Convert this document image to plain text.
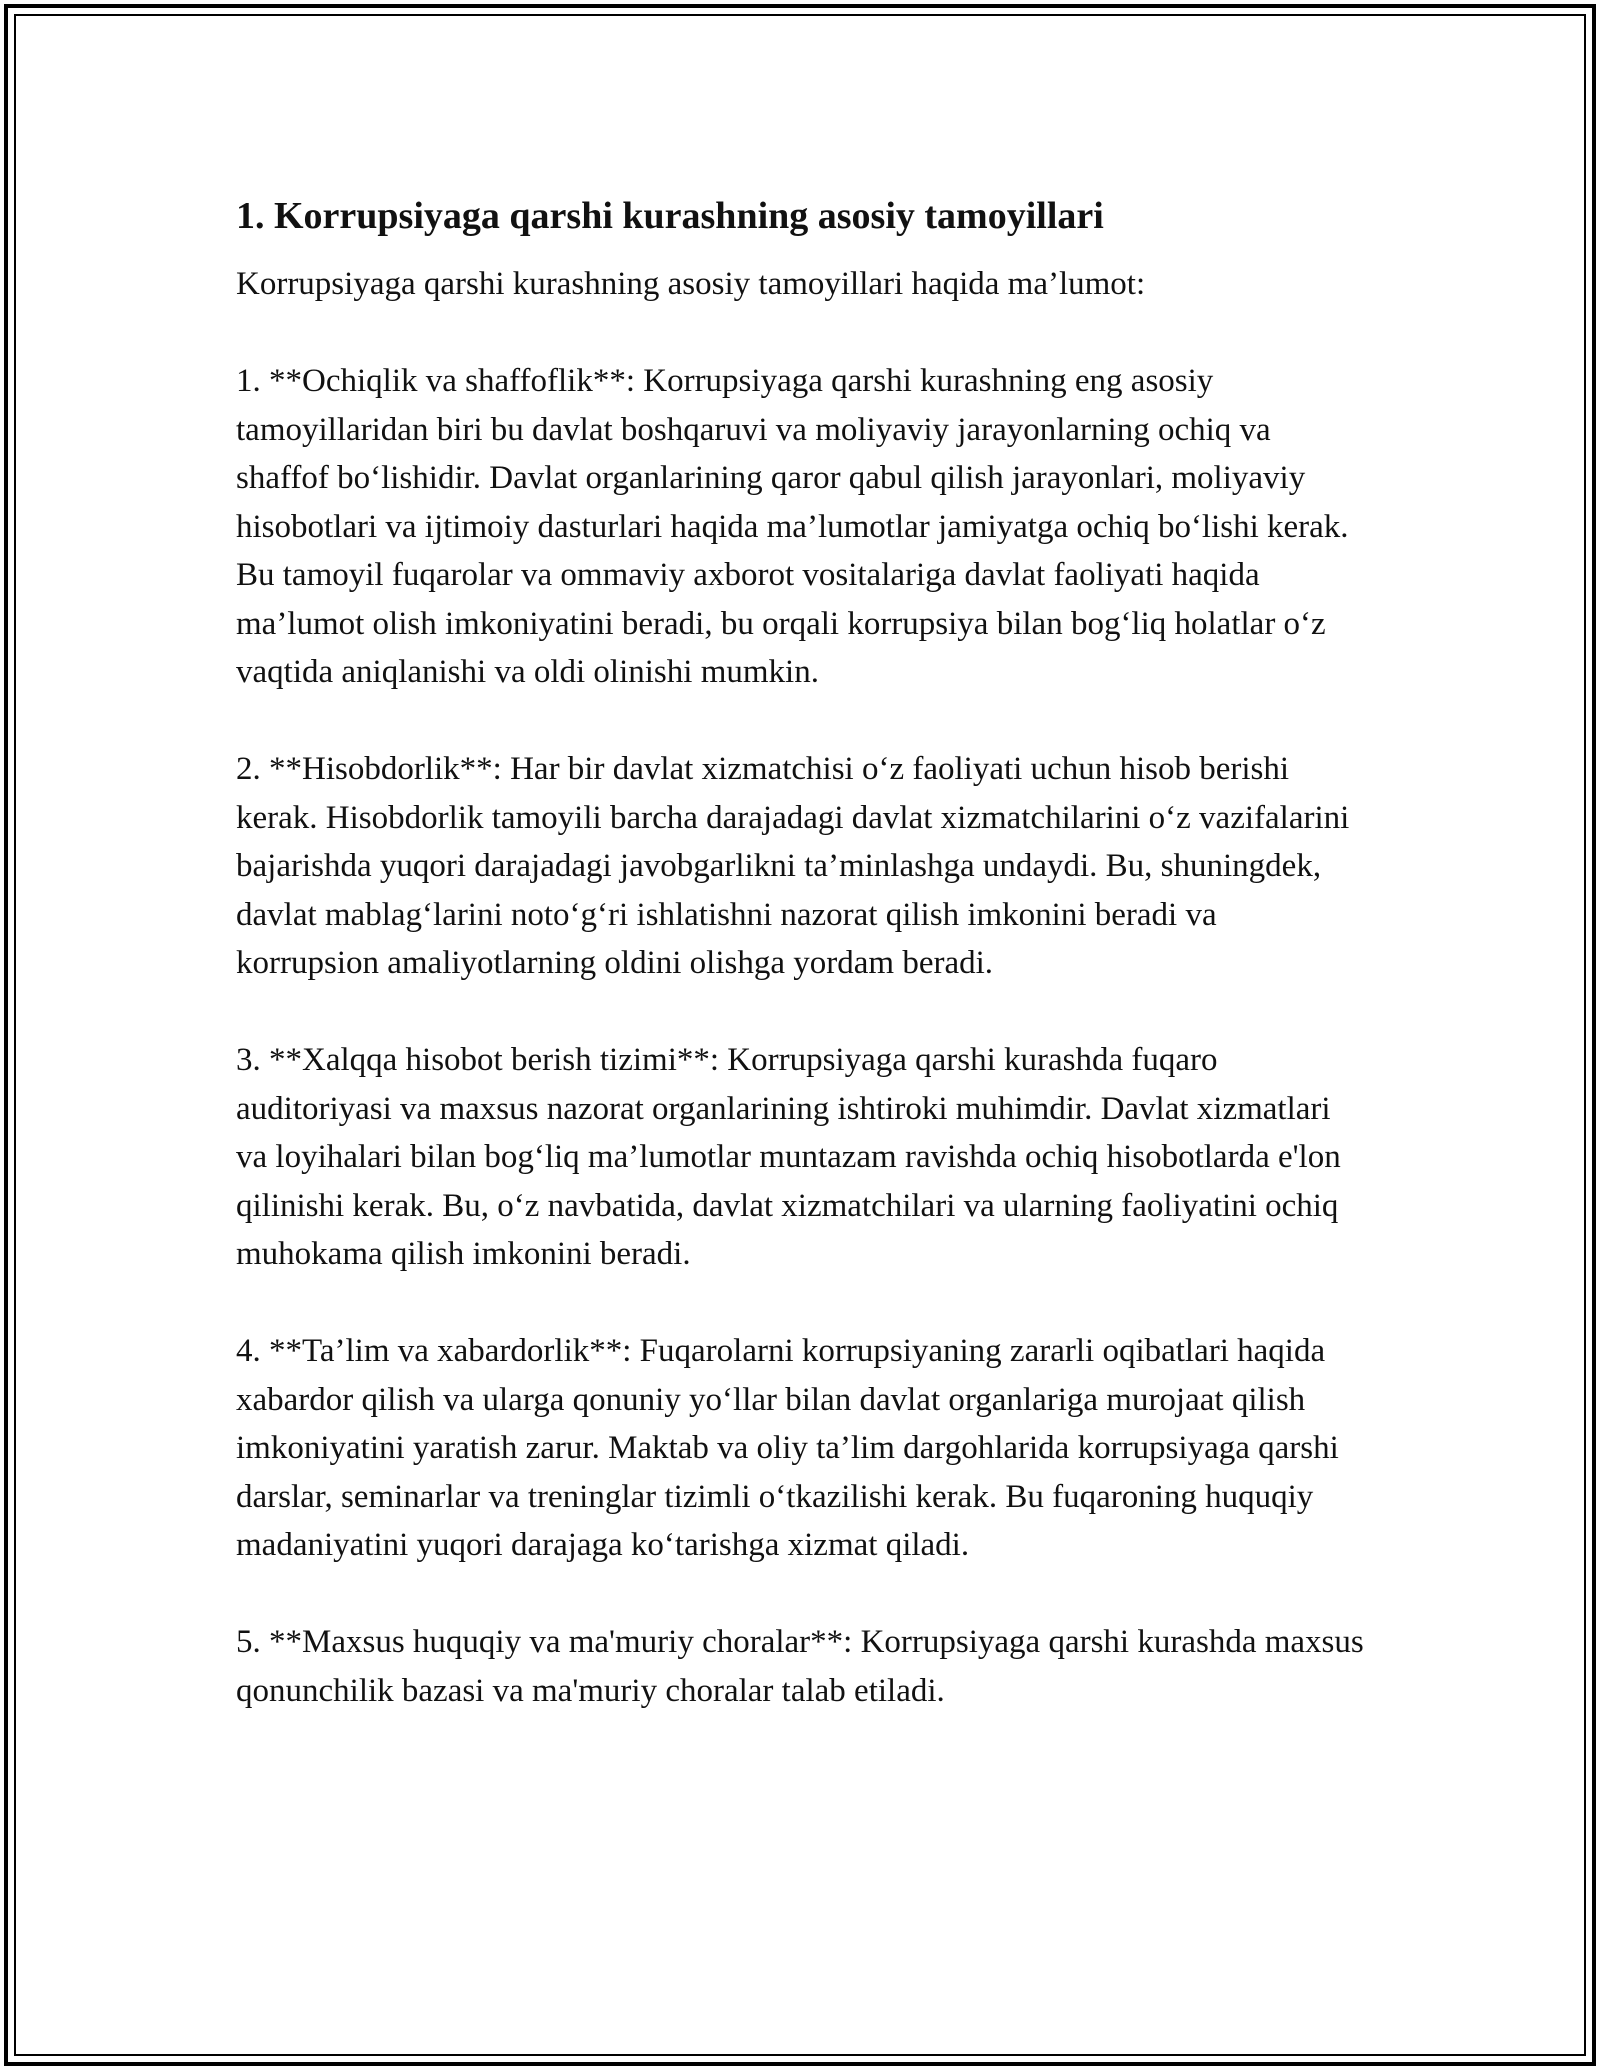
1. Korrupsiyaga qarshi kurashning asosiy tamoyillari

Korrupsiyaga qarshi kurashning asosiy tamoyillari haqida ma’lumot:

1. **Ochiqlik va shaffoflik**: Korrupsiyaga qarshi kurashning eng asosiy tamoyillaridan biri bu davlat boshqaruvi va moliyaviy jarayonlarning ochiq va shaffof bo‘lishidir. Davlat organlarining qaror qabul qilish jarayonlari, moliyaviy hisobotlari va ijtimoiy dasturlari haqida ma’lumotlar jamiyatga ochiq bo‘lishi kerak. Bu tamoyil fuqarolar va ommaviy axborot vositalariga davlat faoliyati haqida ma’lumot olish imkoniyatini beradi, bu orqali korrupsiya bilan bog‘liq holatlar o‘z vaqtida aniqlanishi va oldi olinishi mumkin.

2. **Hisobdorlik**: Har bir davlat xizmatchisi o‘z faoliyati uchun hisob berishi kerak. Hisobdorlik tamoyili barcha darajadagi davlat xizmatchilarini o‘z vazifalarini bajarishda yuqori darajadagi javobgarlikni ta’minlashga undaydi. Bu, shuningdek, davlat mablag‘larini noto‘g‘ri ishlatishni nazorat qilish imkonini beradi va korrupsion amaliyotlarning oldini olishga yordam beradi.

3. **Xalqqa hisobot berish tizimi**: Korrupsiyaga qarshi kurashda fuqaro auditoriyasi va maxsus nazorat organlarining ishtiroki muhimdir. Davlat xizmatlari va loyihalari bilan bog‘liq ma’lumotlar muntazam ravishda ochiq hisobotlarda e'lon qilinishi kerak. Bu, o‘z navbatida, davlat xizmatchilari va ularning faoliyatini ochiq muhokama qilish imkonini beradi.

4. **Ta’lim va xabardorlik**: Fuqarolarni korrupsiyaning zararli oqibatlari haqida xabardor qilish va ularga qonuniy yo‘llar bilan davlat organlariga murojaat qilish imkoniyatini yaratish zarur. Maktab va oliy ta’lim dargohlarida korrupsiyaga qarshi darslar, seminarlar va treninglar tizimli o‘tkazilishi kerak. Bu fuqaroning huquqiy madaniyatini yuqori darajaga ko‘tarishga xizmat qiladi.

5. **Maxsus huquqiy va ma'muriy choralar**: Korrupsiyaga qarshi kurashda maxsus qonunchilik bazasi va ma'muriy choralar talab etiladi.
